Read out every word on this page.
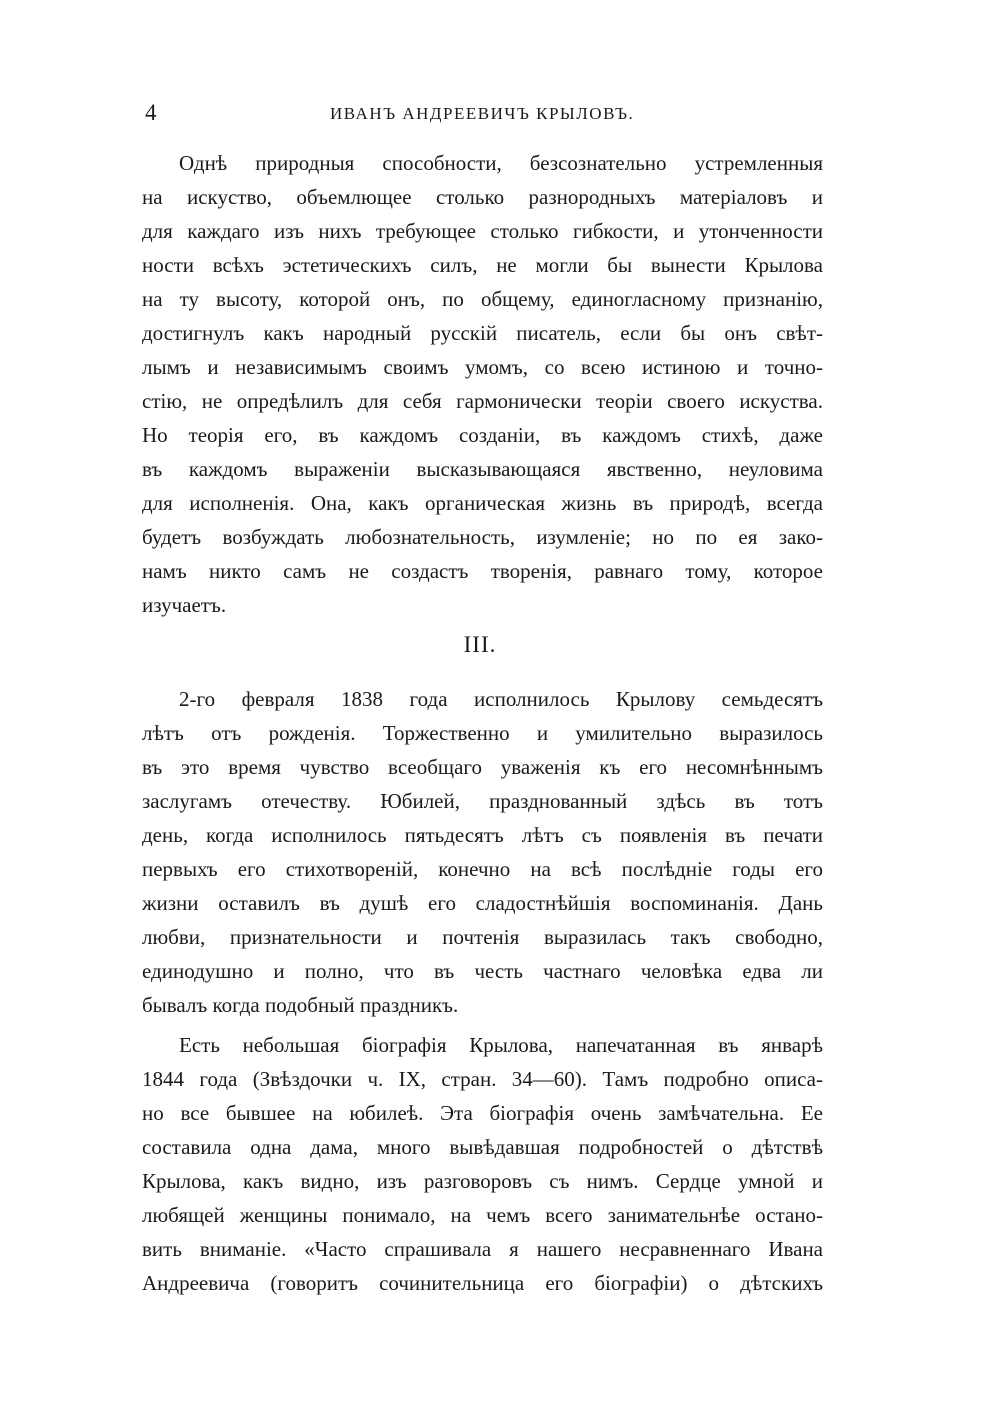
4	ИВАНЪ АНДРЕЕВИЧЪ КРЫЛОВЪ.
Однѣ природныя способности, безсознательно устремленныя
на искуство, объемлющее столько разнородныхъ матеріаловъ и
для каждаго изъ нихъ требующее столько гибкости, и утонченности
ности всѣхъ эстетическихъ силъ, не могли бы вынести Крылова
на ту высоту, которой онъ, по общему, единогласному признанію,
достигнулъ какъ народный русскій писатель, если бы онъ свѣт-
лымъ и независимымъ своимъ умомъ, со всею истиною и точно-
стію, не опредѣлилъ для себя гармонически теоріи своего искуства.
Но теорія его, въ каждомъ созданіи, въ каждомъ стихѣ, даже
въ каждомъ выраженіи высказывающаяся явственно, неуловима
для исполненія. Она, какъ органическая жизнь въ природѣ, всегда
будетъ возбуждать любознательность, изумленіе; но по ея зако-
намъ никто самъ не создастъ творенія, равнаго тому, которое
изучаетъ.
III.
2-го февраля 1838 года исполнилось Крылову семьдесятъ
лѣтъ отъ рожденія. Торжественно и умилительно выразилось
въ это время чувство всеобщаго уваженія къ его несомнѣннымъ
заслугамъ отечеству. Юбилей, празднованный здѣсь въ тотъ
день, когда исполнилось пятьдесятъ лѣтъ съ появленія въ печати
первыхъ его стихотвореній, конечно на всѣ послѣдніе годы его
жизни оставилъ въ душѣ его сладостнѣйшія воспоминанія. Дань
любви, признательности и почтенія выразилась такъ свободно,
единодушно и полно, что въ честь частнаго человѣка едва ли
бывалъ когда подобный праздникъ.
Есть небольшая біографія Крылова, напечатанная въ январѣ
1844 года (Звѣздочки ч. IX, стран. 34—60). Тамъ подробно описа-
но все бывшее на юбилеѣ. Эта біографія очень замѣчательна. Ее
составила одна дама, много вывѣдавшая подробностей о дѣтствѣ
Крылова, какъ видно, изъ разговоровъ съ нимъ. Сердце умной и
любящей женщины понимало, на чемъ всего занимательнѣе остано-
вить вниманіе. «Часто спрашивала я нашего несравненнаго Ивана
Андреевича (говоритъ сочинительница его біографіи) о дѣтскихъ
